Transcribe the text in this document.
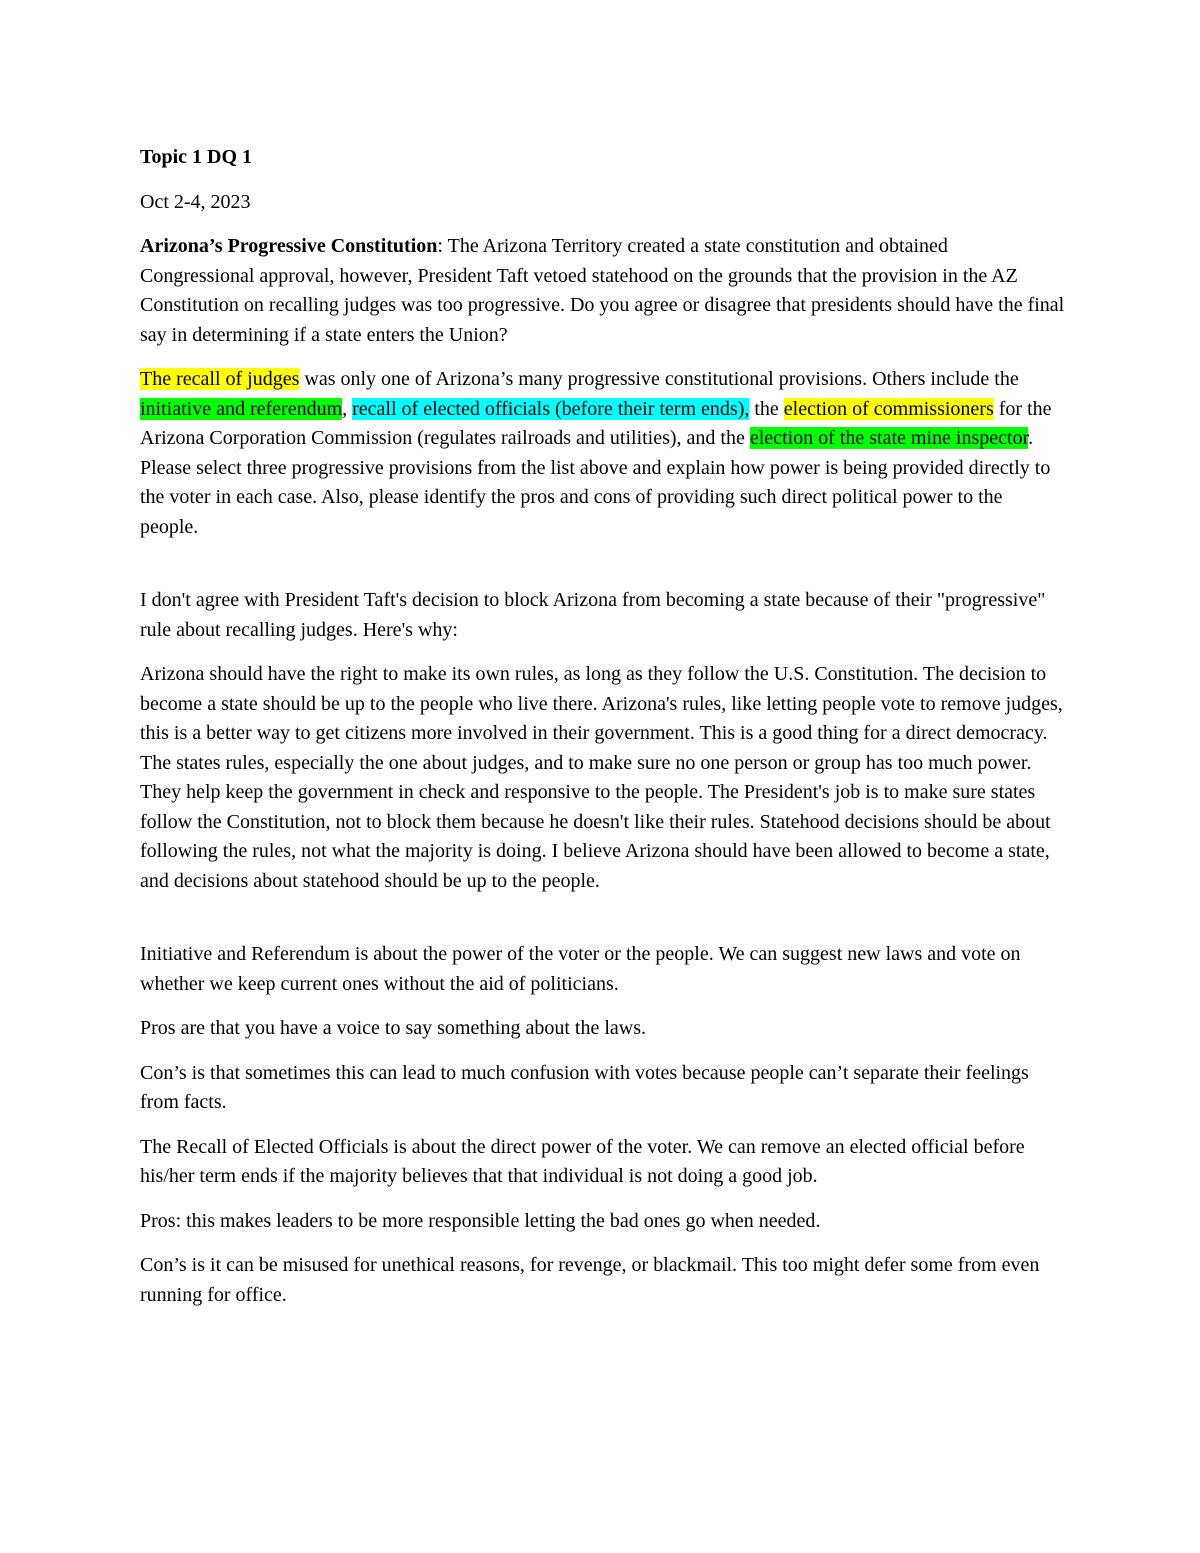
Topic 1 DQ 1

Oct 2-4, 2023

Arizona’s Progressive Constitution: The Arizona Territory created a state constitution and obtained Congressional approval, however, President Taft vetoed statehood on the grounds that the provision in the AZ Constitution on recalling judges was too progressive. Do you agree or disagree that presidents should have the final say in determining if a state enters the Union?

The recall of judges was only one of Arizona’s many progressive constitutional provisions. Others include the initiative and referendum, recall of elected officials (before their term ends), the election of commissioners for the Arizona Corporation Commission (regulates railroads and utilities), and the election of the state mine inspector. Please select three progressive provisions from the list above and explain how power is being provided directly to the voter in each case. Also, please identify the pros and cons of providing such direct political power to the people.

I don't agree with President Taft's decision to block Arizona from becoming a state because of their "progressive" rule about recalling judges. Here's why:

Arizona should have the right to make its own rules, as long as they follow the U.S. Constitution. The decision to become a state should be up to the people who live there. Arizona's rules, like letting people vote to remove judges, this is a better way to get citizens more involved in their government. This is a good thing for a direct democracy. The states rules, especially the one about judges, and to make sure no one person or group has too much power. They help keep the government in check and responsive to the people. The President's job is to make sure states follow the Constitution, not to block them because he doesn't like their rules. Statehood decisions should be about following the rules, not what the majority is doing. I believe Arizona should have been allowed to become a state, and decisions about statehood should be up to the people.

Initiative and Referendum is about the power of the voter or the people. We can suggest new laws and vote on whether we keep current ones without the aid of politicians.

Pros are that you have a voice to say something about the laws.

Con’s is that sometimes this can lead to much confusion with votes because people can’t separate their feelings from facts.

The Recall of Elected Officials is about the direct power of the voter. We can remove an elected official before his/her term ends if the majority believes that that individual is not doing a good job.

Pros: this makes leaders to be more responsible letting the bad ones go when needed.

Con’s is it can be misused for unethical reasons, for revenge, or blackmail. This too might defer some from even running for office.
